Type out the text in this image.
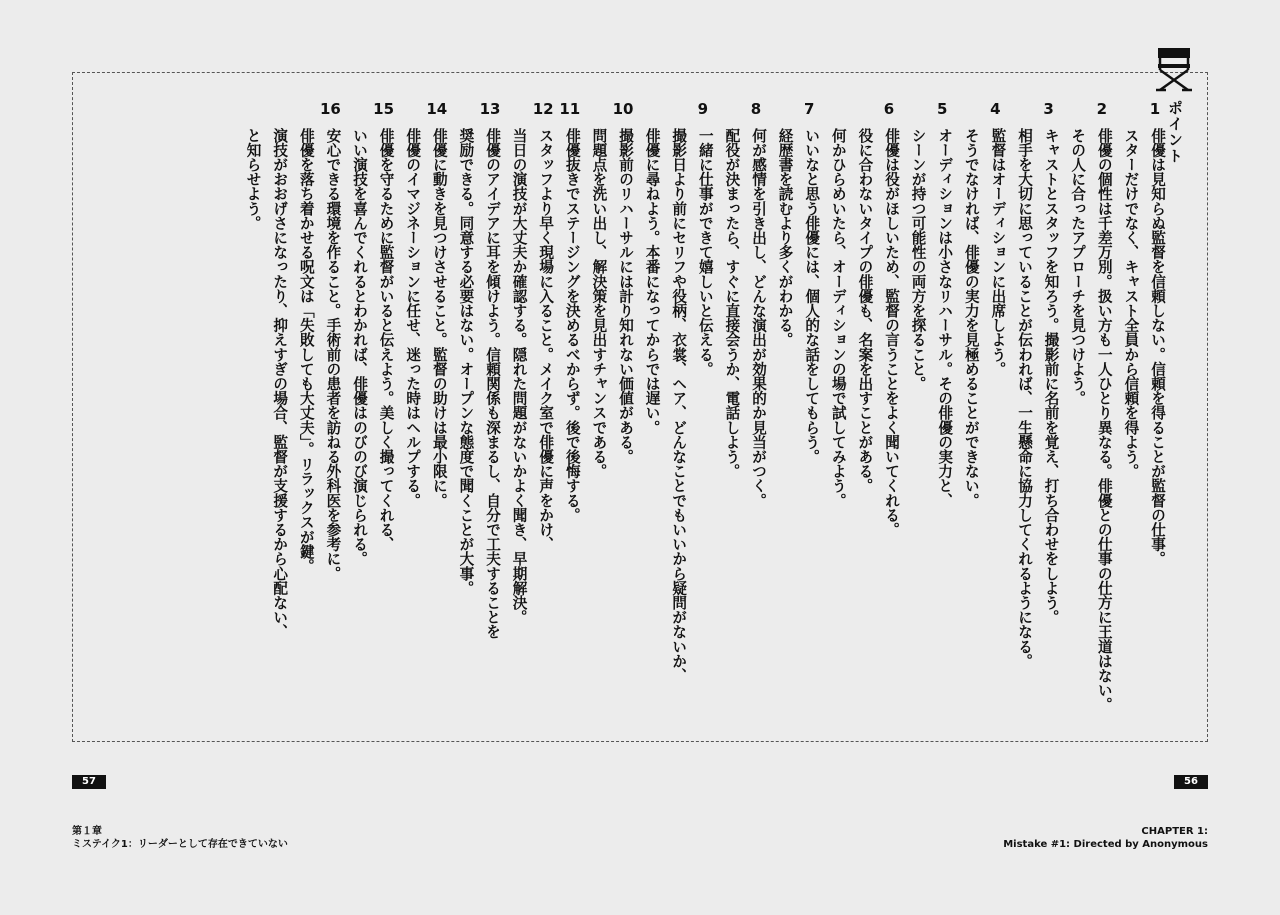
ポイント
1
俳優は見知らぬ監督を信頼しない。信頼を得ることが監督の仕事。
スターだけでなく、キャスト全員から信頼を得よう。
2
俳優の個性は千差万別。扱い方も一人ひとり異なる。俳優との仕事の仕方に王道はない。
その人に合ったアプローチを見つけよう。
3
キャストとスタッフを知ろう。撮影前に名前を覚え、打ち合わせをしよう。
相手を大切に思っていることが伝われば、一生懸命に協力してくれるようになる。
4
監督はオーディションに出席しよう。
そうでなければ、俳優の実力を見極めることができない。
5
オーディションは小さなリハーサル。その俳優の実力と、
シーンが持つ可能性の両方を探ること。
6
俳優は役がほしいため、監督の言うことをよく聞いてくれる。
役に合わないタイプの俳優も、名案を出すことがある。
何かひらめいたら、オーディションの場で試してみよう。
7
いいなと思う俳優には、個人的な話をしてもらう。
経歴書を読むより多くがわかる。
8
何が感情を引き出し、どんな演出が効果的か見当がつく。
配役が決まったら、すぐに直接会うか、電話しよう。
9
一緒に仕事ができて嬉しいと伝える。
撮影日より前にセリフや役柄、衣裳、ヘア、どんなことでもいいから疑問がないか、
俳優に尋ねよう。本番になってからでは遅い。
10
撮影前のリハーサルには計り知れない価値がある。
問題点を洗い出し、解決策を見出すチャンスである。
11
俳優抜きでステージングを決めるべからず。後で後悔する。
12
スタッフより早く現場に入ること。メイク室で俳優に声をかけ、
当日の演技が大丈夫か確認する。隠れた問題がないかよく聞き、早期解決。
13
俳優のアイデアに耳を傾けよう。信頼関係も深まるし、自分で工夫することを
奨励できる。同意する必要はない。オープンな態度で聞くことが大事。
14
俳優に動きを見つけさせること。監督の助けは最小限に。
俳優のイマジネーションに任せ、迷った時はヘルプする。
15
俳優を守るために監督がいると伝えよう。美しく撮ってくれる、
いい演技を喜んでくれるとわかれば、俳優はのびのび演じられる。
16
安心できる環境を作ること。手術前の患者を訪ねる外科医を参考に。
俳優を落ち着かせる呪文は「失敗しても大丈夫」。リラックスが鍵。
演技がおおげさになったり、抑えすぎの場合、監督が支援するから心配ない、
と知らせよう。
57	56
第１章
ミステイク1：リーダーとして存在できていない
CHAPTER 1:
Mistake #1: Directed by Anonymous
